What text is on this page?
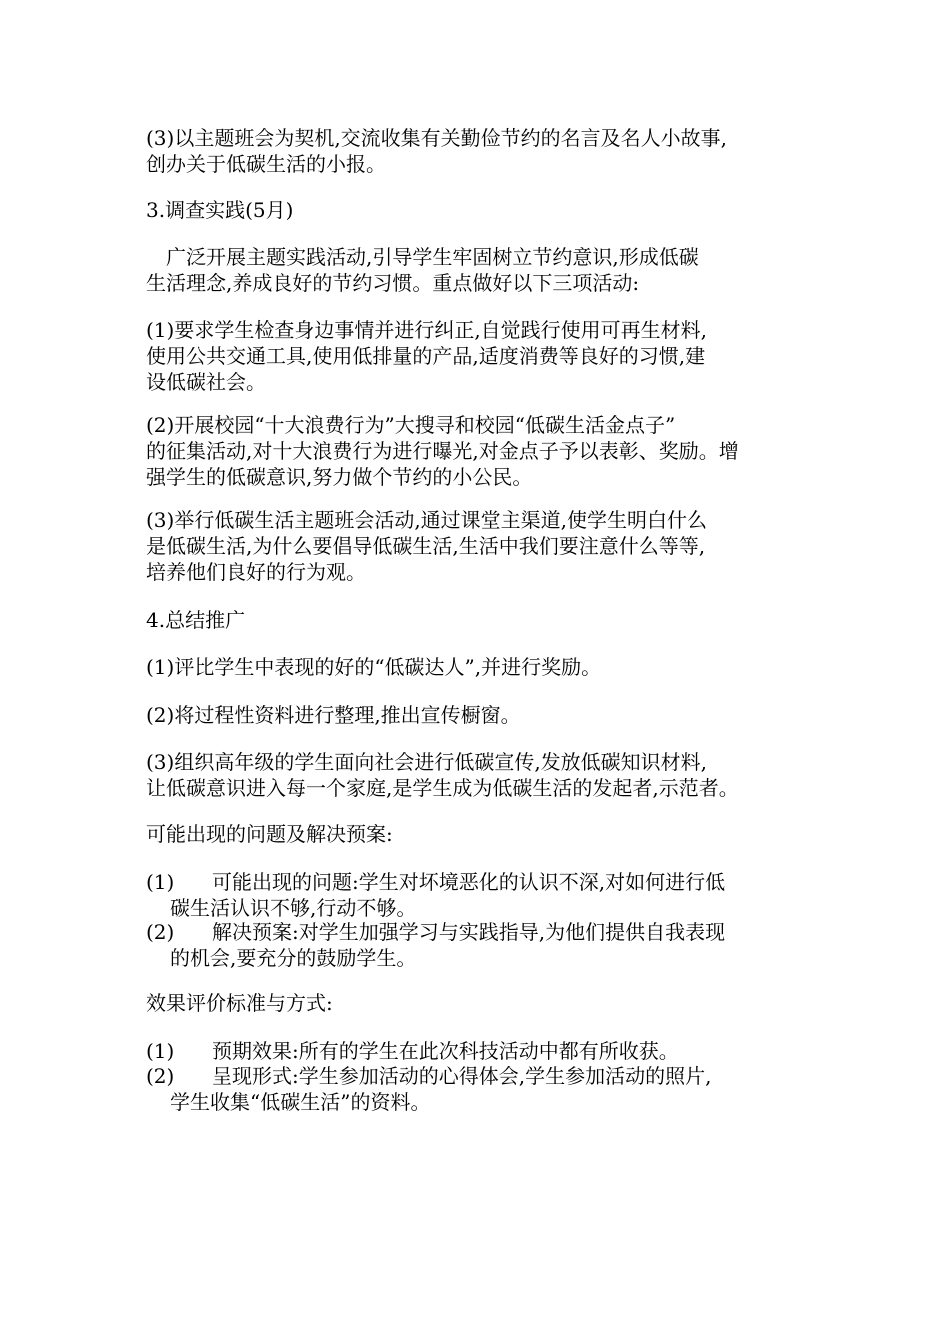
(3)以主题班会为契机,交流收集有关勤俭节约的名言及名人小故事,
创办关于低碳生活的小报。
3.调查实践(5月)
　广泛开展主题实践活动,引导学生牢固树立节约意识,形成低碳
生活理念,养成良好的节约习惯。重点做好以下三项活动:
(1)要求学生检查身边事情并进行纠正,自觉践行使用可再生材料,
使用公共交通工具,使用低排量的产品,适度消费等良好的习惯,建
设低碳社会。
(2)开展校园“十大浪费行为”大搜寻和校园“低碳生活金点子”
的征集活动,对十大浪费行为进行曝光,对金点子予以表彰、奖励。增
强学生的低碳意识,努力做个节约的小公民。
(3)举行低碳生活主题班会活动,通过课堂主渠道,使学生明白什么
是低碳生活,为什么要倡导低碳生活,生活中我们要注意什么等等,
培养他们良好的行为观。
4.总结推广
(1)评比学生中表现的好的“低碳达人”,并进行奖励。
(2)将过程性资料进行整理,推出宣传橱窗。
(3)组织高年级的学生面向社会进行低碳宣传,发放低碳知识材料,
让低碳意识进入每一个家庭,是学生成为低碳生活的发起者,示范者。
可能出现的问题及解决预案:
(1)	可能出现的问题:学生对坏境恶化的认识不深,对如何进行低
碳生活认识不够,行动不够。
(2)	解决预案:对学生加强学习与实践指导,为他们提供自我表现
的机会,要充分的鼓励学生。
效果评价标准与方式:
(1)	预期效果:所有的学生在此次科技活动中都有所收获。
(2)	呈现形式:学生参加活动的心得体会,学生参加活动的照片,
学生收集“低碳生活”的资料。
